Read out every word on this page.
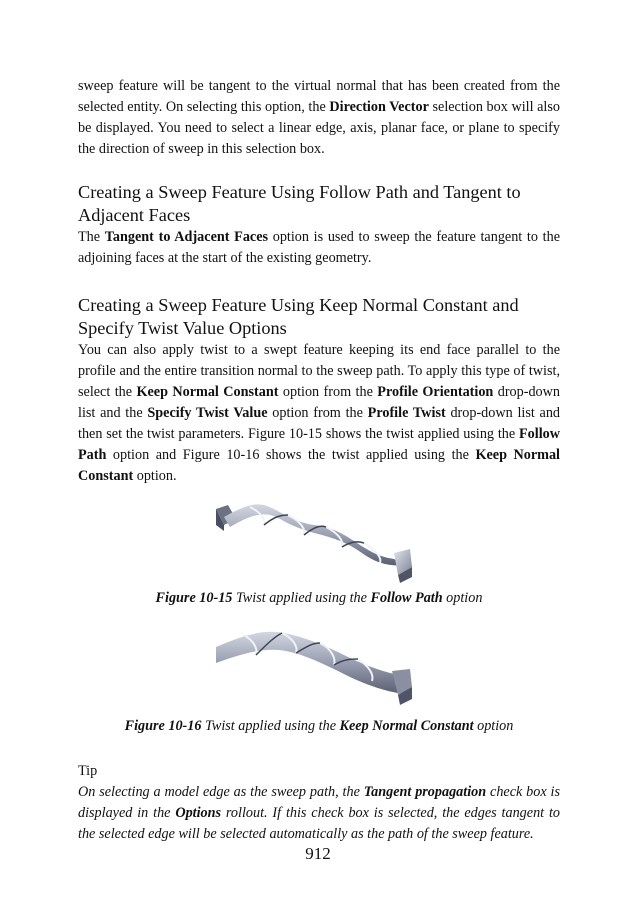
sweep feature will be tangent to the virtual normal that has been created from the selected entity. On selecting this option, the Direction Vector selection box will also be displayed. You need to select a linear edge, axis, planar face, or plane to specify the direction of sweep in this selection box.

Creating a Sweep Feature Using Follow Path and Tangent to Adjacent Faces

The Tangent to Adjacent Faces option is used to sweep the feature tangent to the adjoining faces at the start of the existing geometry.

Creating a Sweep Feature Using Keep Normal Constant and Specify Twist Value Options

You can also apply twist to a swept feature keeping its end face parallel to the profile and the entire transition normal to the sweep path. To apply this type of twist, select the Keep Normal Constant option from the Profile Orientation drop-down list and the Specify Twist Value option from the Profile Twist drop-down list and then set the twist parameters. Figure 10-15 shows the twist applied using the Follow Path option and Figure 10-16 shows the twist applied using the Keep Normal Constant option.

Figure 10-15 Twist applied using the Follow Path option
Figure 10-16 Twist applied using the Keep Normal Constant option
Tip

On selecting a model edge as the sweep path, the Tangent propagation check box is displayed in the Options rollout. If this check box is selected, the edges tangent to the selected edge will be selected automatically as the path of the sweep feature.

912
